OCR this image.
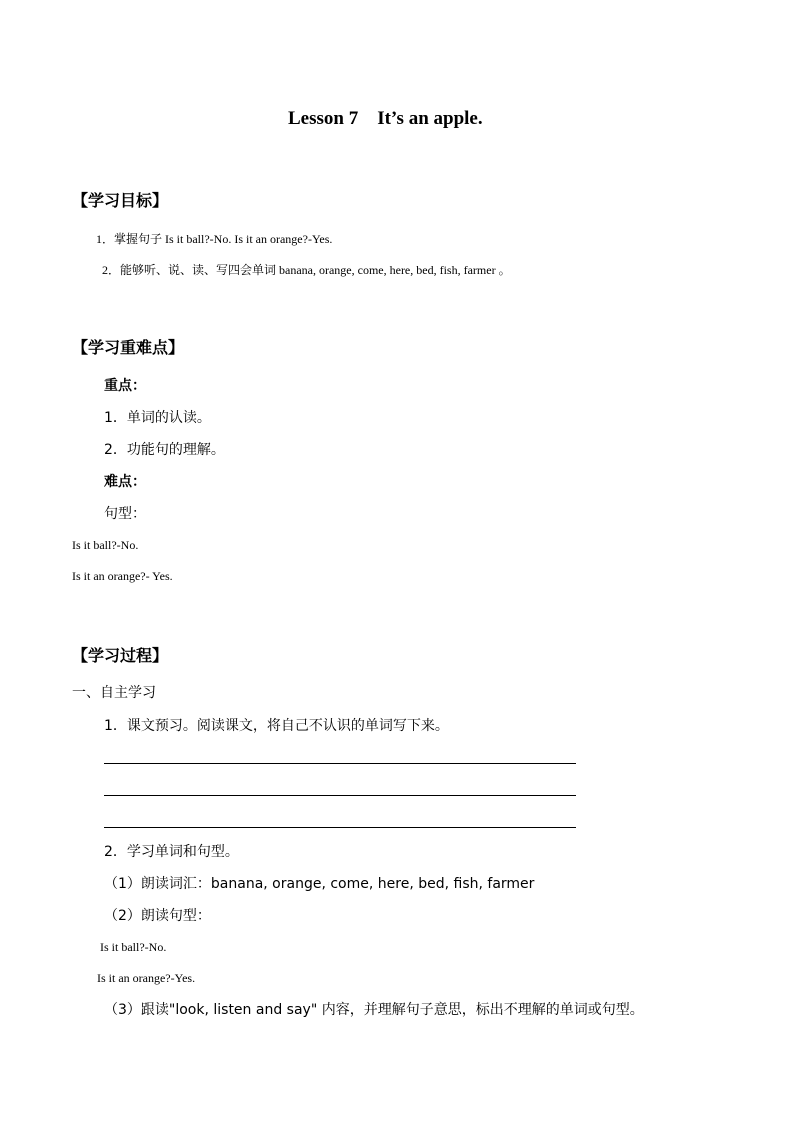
Lesson 7　It’s an apple.
【学习目标】
1．掌握句子 Is it ball?-No. Is it an orange?-Yes.
2．能够听、说、读、写四会单词 banana, orange, come, here, bed, fish, farmer 。
【学习重难点】
重点：
1．单词的认读。
2．功能句的理解。
难点：
句型：
Is it ball?-No.
Is it an orange?- Yes.
【学习过程】
一、自主学习
1．课文预习。阅读课文，将自己不认识的单词写下来。
2．学习单词和句型。
（1）朗读词汇：banana, orange, come, here, bed, fish, farmer
（2）朗读句型：
Is it ball?-No.
Is it an orange?-Yes.
（3）跟读"look, listen and say" 内容，并理解句子意思，标出不理解的单词或句型。
